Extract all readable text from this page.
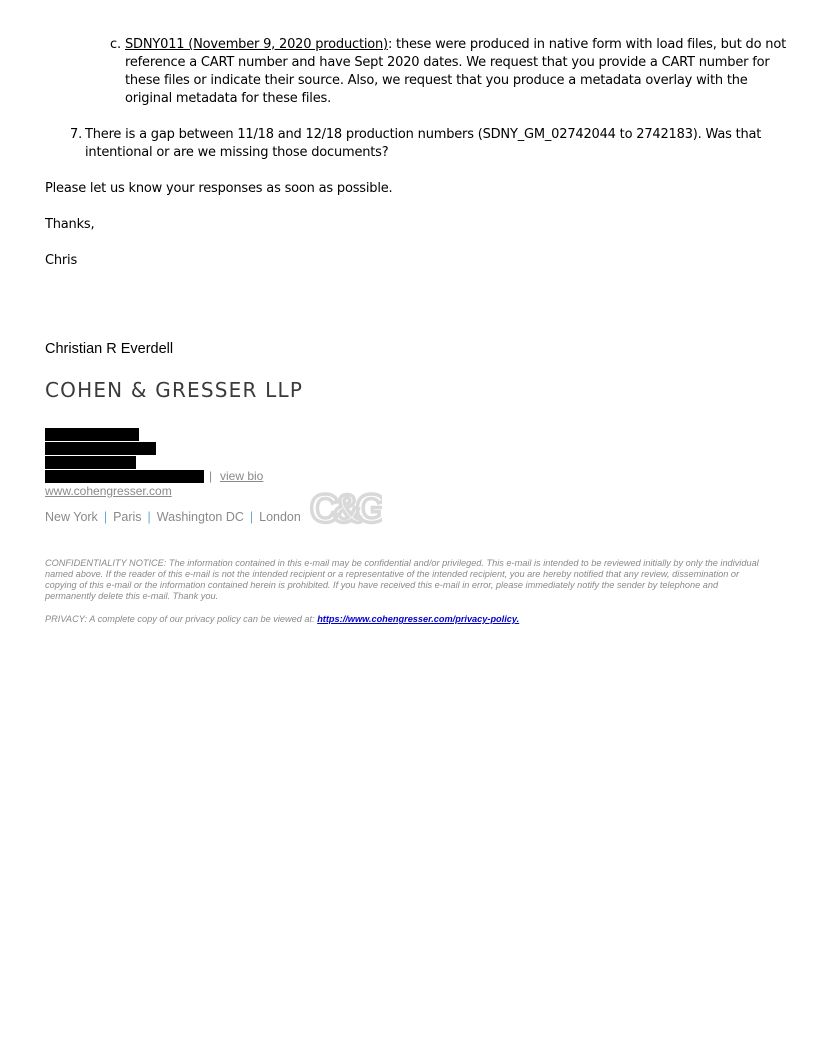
c. SDNY011 (November 9, 2020 production): these were produced in native form with load files, but do not reference a CART number and have Sept 2020 dates. We request that you provide a CART number for these files or indicate their source. Also, we request that you produce a metadata overlay with the original metadata for these files.
7. There is a gap between 11/18 and 12/18 production numbers (SDNY_GM_02742044 to 2742183). Was that intentional or are we missing those documents?
Please let us know your responses as soon as possible.
Thanks,
Chris
Christian R Everdell
COHEN & GRESSER LLP
| view bio
www.cohengresser.com
New York | Paris | Washington DC | London C&G
CONFIDENTIALITY NOTICE: The information contained in this e-mail may be confidential and/or privileged. This e-mail is intended to be reviewed initially by only the individual named above. If the reader of this e-mail is not the intended recipient or a representative of the intended recipient, you are hereby notified that any review, dissemination or copying of this e-mail or the information contained herein is prohibited. If you have received this e-mail in error, please immediately notify the sender by telephone and permanently delete this e-mail. Thank you.
PRIVACY: A complete copy of our privacy policy can be viewed at: https://www.cohengresser.com/privacy-policy.
